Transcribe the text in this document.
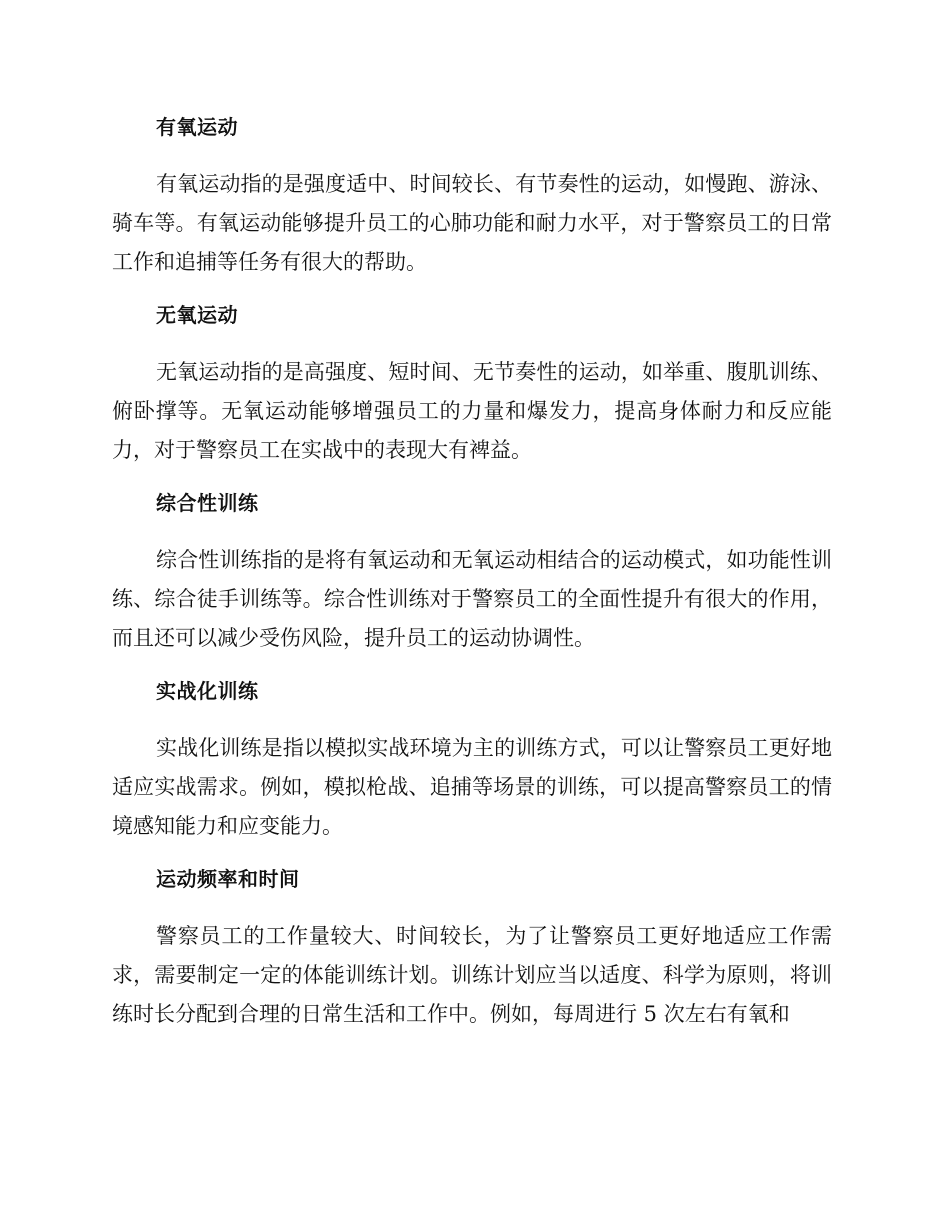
有氧运动

有氧运动指的是强度适中、时间较长、有节奏性的运动，如慢跑、游泳、骑车等。有氧运动能够提升员工的心肺功能和耐力水平，对于警察员工的日常工作和追捕等任务有很大的帮助。

无氧运动

无氧运动指的是高强度、短时间、无节奏性的运动，如举重、腹肌训练、俯卧撑等。无氧运动能够增强员工的力量和爆发力，提高身体耐力和反应能力，对于警察员工在实战中的表现大有裨益。

综合性训练

综合性训练指的是将有氧运动和无氧运动相结合的运动模式，如功能性训练、综合徒手训练等。综合性训练对于警察员工的全面性提升有很大的作用，而且还可以减少受伤风险，提升员工的运动协调性。

实战化训练

实战化训练是指以模拟实战环境为主的训练方式，可以让警察员工更好地适应实战需求。例如，模拟枪战、追捕等场景的训练，可以提高警察员工的情境感知能力和应变能力。

运动频率和时间

警察员工的工作量较大、时间较长，为了让警察员工更好地适应工作需求，需要制定一定的体能训练计划。训练计划应当以适度、科学为原则，将训练时长分配到合理的日常生活和工作中。例如，每周进行 5 次左右有氧和
